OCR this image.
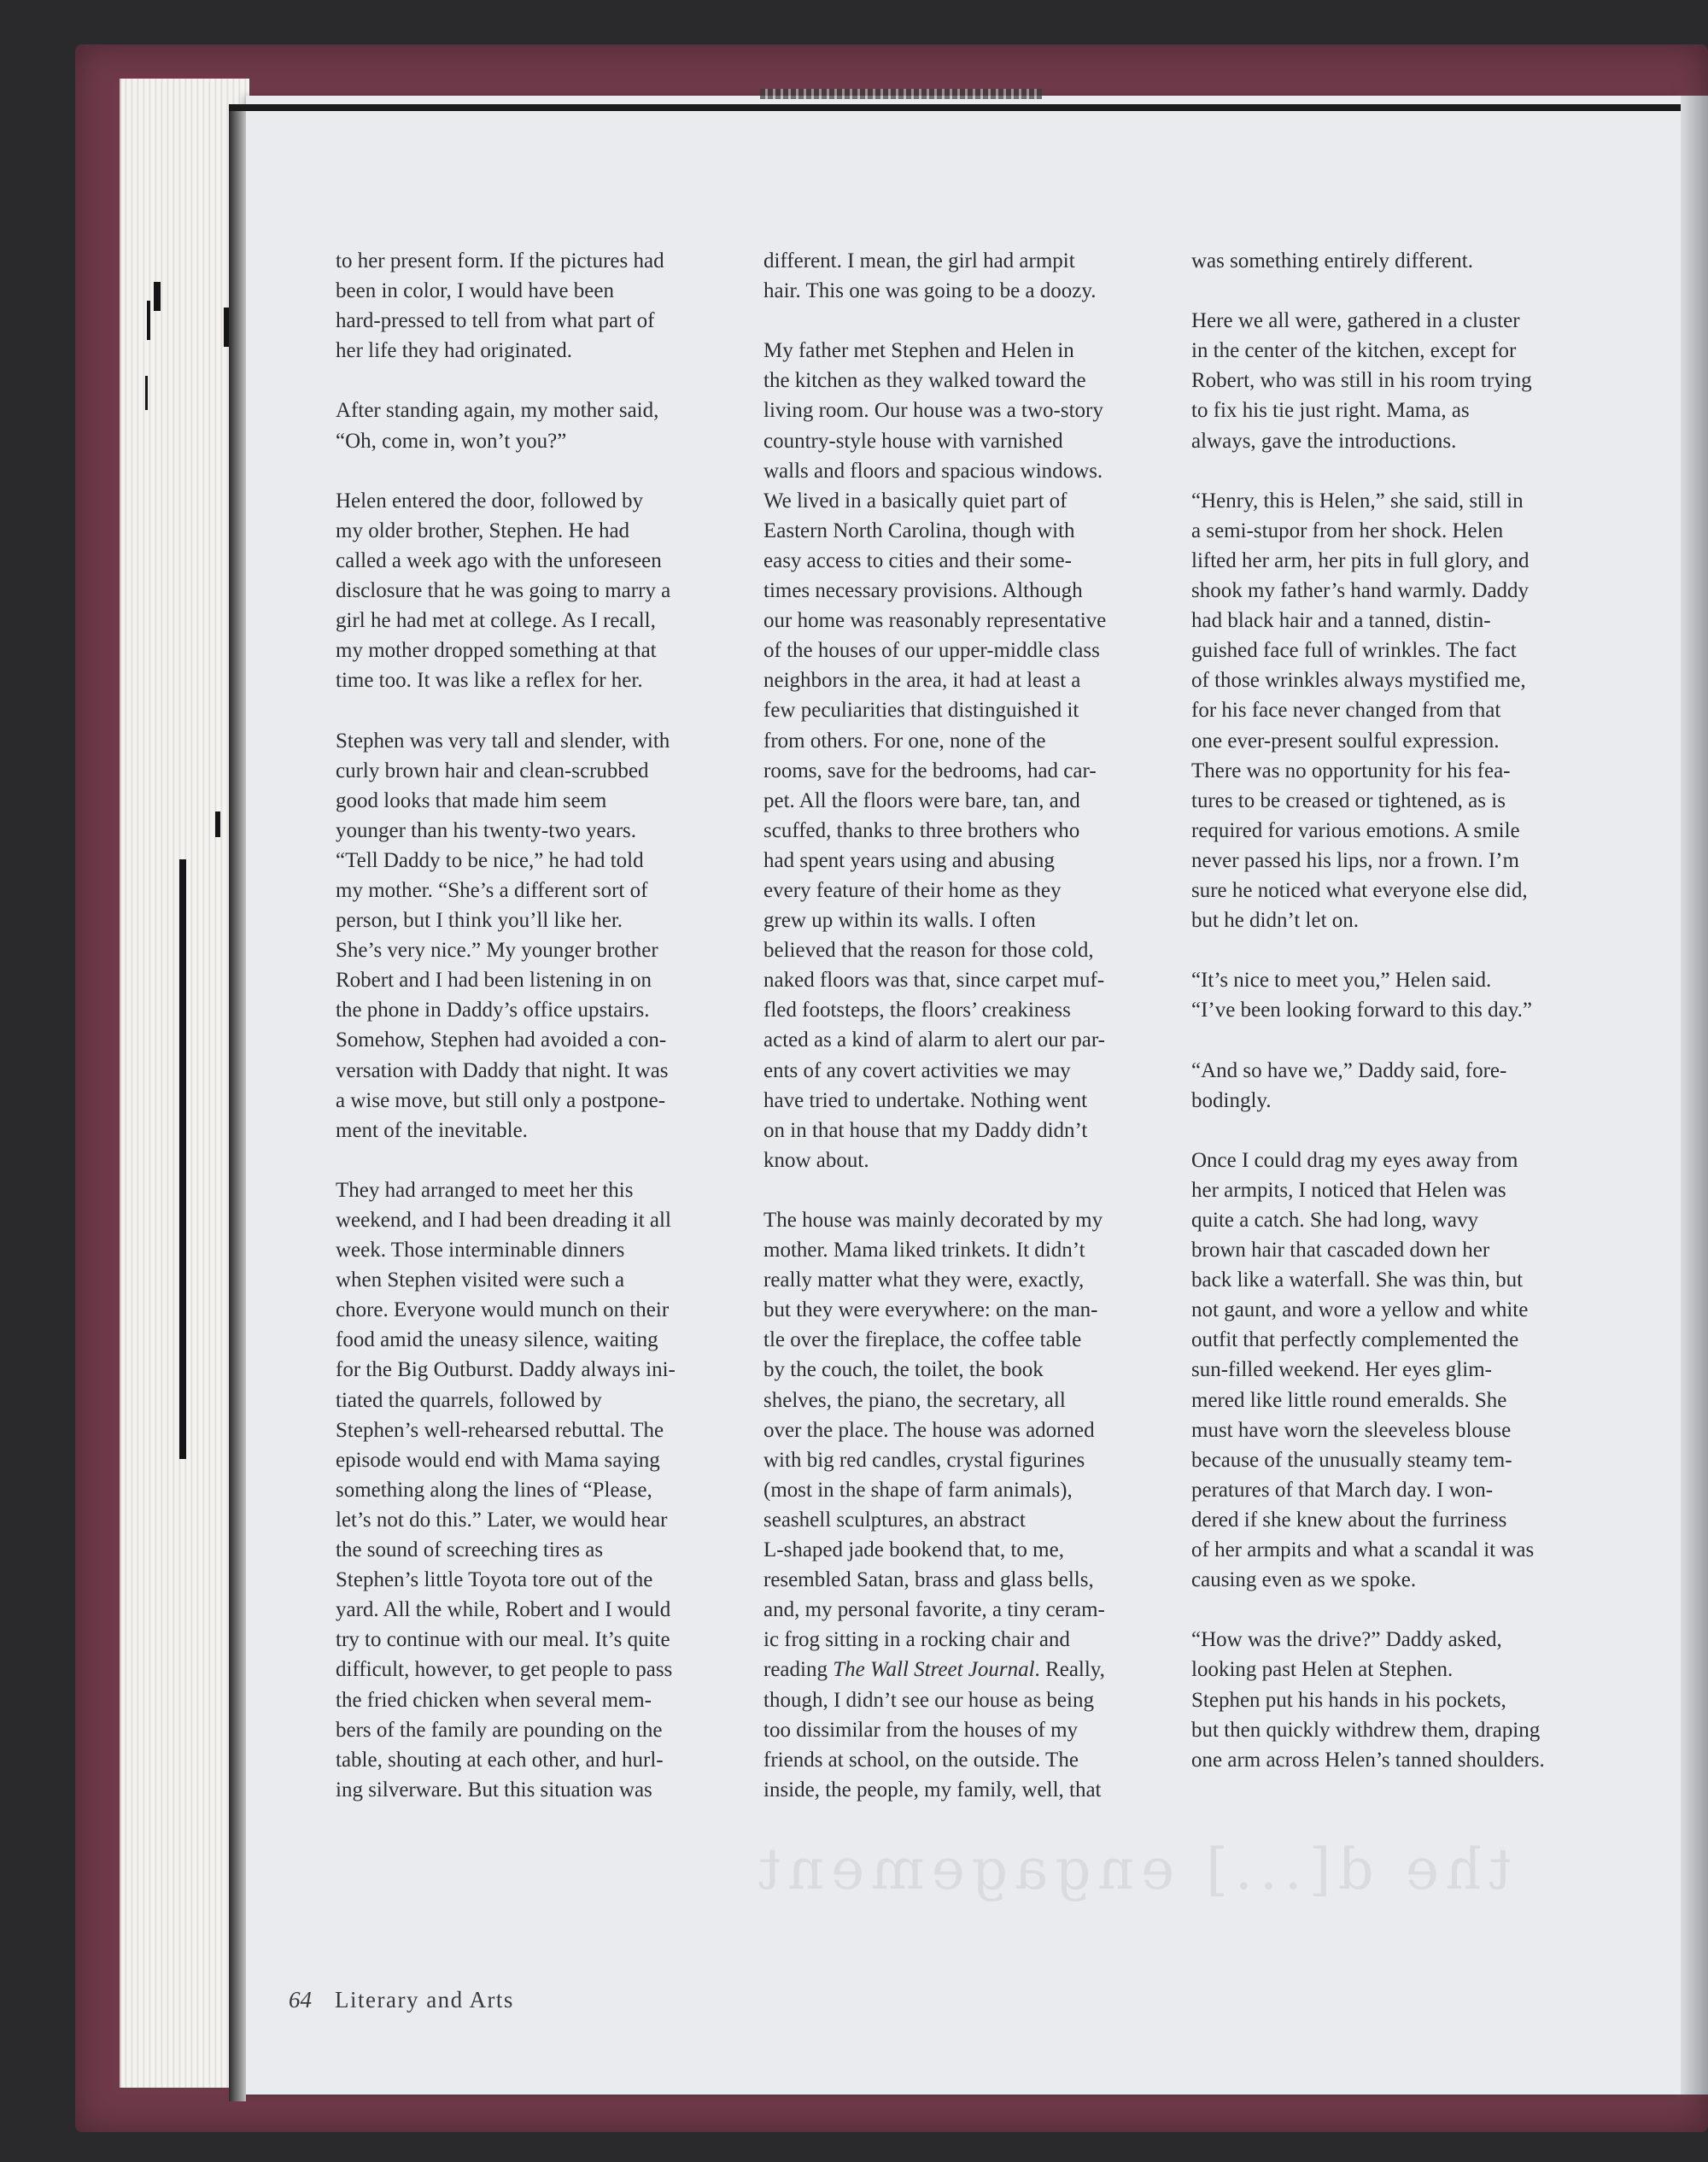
to her present form. If the pictures had
been in color, I would have been
hard-pressed to tell from what part of
her life they had originated.

After standing again, my mother said,
“Oh, come in, won’t you?”

Helen entered the door, followed by
my older brother, Stephen. He had
called a week ago with the unforeseen
disclosure that he was going to marry a
girl he had met at college. As I recall,
my mother dropped something at that
time too. It was like a reflex for her.

Stephen was very tall and slender, with
curly brown hair and clean-scrubbed
good looks that made him seem
younger than his twenty-two years.
“Tell Daddy to be nice,” he had told
my mother. “She’s a different sort of
person, but I think you’ll like her.
She’s very nice.” My younger brother
Robert and I had been listening in on
the phone in Daddy’s office upstairs.
Somehow, Stephen had avoided a con-
versation with Daddy that night. It was
a wise move, but still only a postpone-
ment of the inevitable.

They had arranged to meet her this
weekend, and I had been dreading it all
week. Those interminable dinners
when Stephen visited were such a
chore. Everyone would munch on their
food amid the uneasy silence, waiting
for the Big Outburst. Daddy always ini-
tiated the quarrels, followed by
Stephen’s well-rehearsed rebuttal. The
episode would end with Mama saying
something along the lines of “Please,
let’s not do this.” Later, we would hear
the sound of screeching tires as
Stephen’s little Toyota tore out of the
yard. All the while, Robert and I would
try to continue with our meal. It’s quite
difficult, however, to get people to pass
the fried chicken when several mem-
bers of the family are pounding on the
table, shouting at each other, and hurl-
ing silverware. But this situation was

different. I mean, the girl had armpit
hair. This one was going to be a doozy.

My father met Stephen and Helen in
the kitchen as they walked toward the
living room. Our house was a two-story
country-style house with varnished
walls and floors and spacious windows.
We lived in a basically quiet part of
Eastern North Carolina, though with
easy access to cities and their some-
times necessary provisions. Although
our home was reasonably representative
of the houses of our upper-middle class
neighbors in the area, it had at least a
few peculiarities that distinguished it
from others. For one, none of the
rooms, save for the bedrooms, had car-
pet. All the floors were bare, tan, and
scuffed, thanks to three brothers who
had spent years using and abusing
every feature of their home as they
grew up within its walls. I often
believed that the reason for those cold,
naked floors was that, since carpet muf-
fled footsteps, the floors’ creakiness
acted as a kind of alarm to alert our par-
ents of any covert activities we may
have tried to undertake. Nothing went
on in that house that my Daddy didn’t
know about.

The house was mainly decorated by my
mother. Mama liked trinkets. It didn’t
really matter what they were, exactly,
but they were everywhere: on the man-
tle over the fireplace, the coffee table
by the couch, the toilet, the book
shelves, the piano, the secretary, all
over the place. The house was adorned
with big red candles, crystal figurines
(most in the shape of farm animals),
seashell sculptures, an abstract
L-shaped jade bookend that, to me,
resembled Satan, brass and glass bells,
and, my personal favorite, a tiny ceram-
ic frog sitting in a rocking chair and
reading The Wall Street Journal. Really,
though, I didn’t see our house as being
too dissimilar from the houses of my
friends at school, on the outside. The
inside, the people, my family, well, that

was something entirely different.

Here we all were, gathered in a cluster
in the center of the kitchen, except for
Robert, who was still in his room trying
to fix his tie just right. Mama, as
always, gave the introductions.

“Henry, this is Helen,” she said, still in
a semi-stupor from her shock. Helen
lifted her arm, her pits in full glory, and
shook my father’s hand warmly. Daddy
had black hair and a tanned, distin-
guished face full of wrinkles. The fact
of those wrinkles always mystified me,
for his face never changed from that
one ever-present soulful expression.
There was no opportunity for his fea-
tures to be creased or tightened, as is
required for various emotions. A smile
never passed his lips, nor a frown. I’m
sure he noticed what everyone else did,
but he didn’t let on.

“It’s nice to meet you,” Helen said.
“I’ve been looking forward to this day.”

“And so have we,” Daddy said, fore-
bodingly.

Once I could drag my eyes away from
her armpits, I noticed that Helen was
quite a catch. She had long, wavy
brown hair that cascaded down her
back like a waterfall. She was thin, but
not gaunt, and wore a yellow and white
outfit that perfectly complemented the
sun-filled weekend. Her eyes glim-
mered like little round emeralds. She
must have worn the sleeveless blouse
because of the unusually steamy tem-
peratures of that March day. I won-
dered if she knew about the furriness
of her armpits and what a scandal it was
causing even as we spoke.

“How was the drive?” Daddy asked,
looking past Helen at Stephen.
Stephen put his hands in his pockets,
but then quickly withdrew them, draping
one arm across Helen’s tanned shoulders.

the d[...] engagement
64 Literary and Arts
